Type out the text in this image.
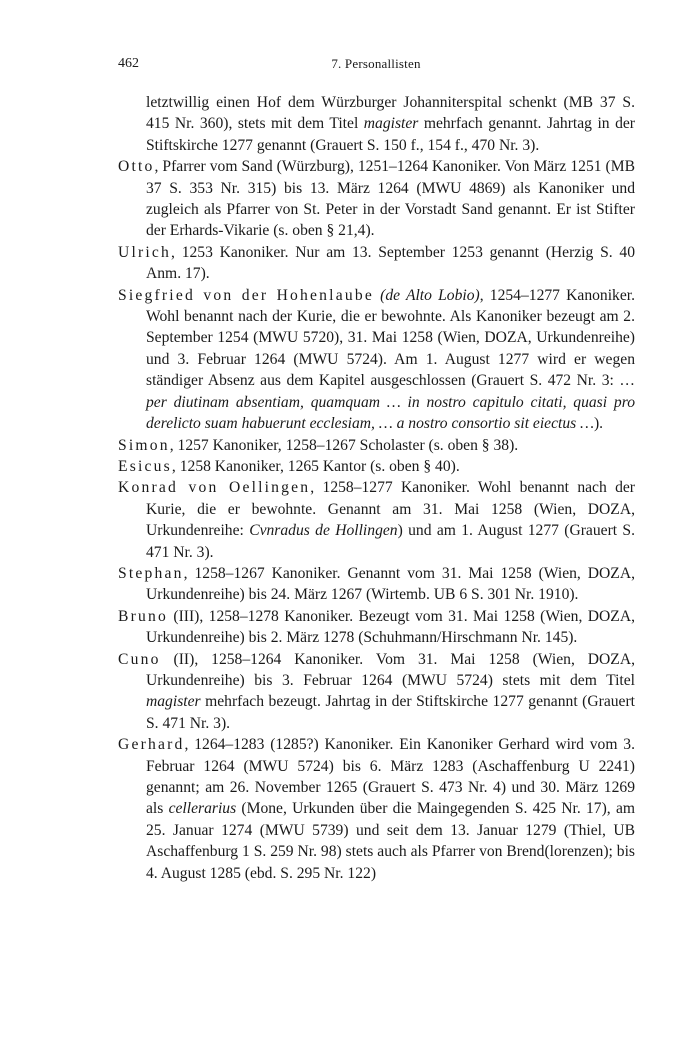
462	7. Personallisten

letztwillig einen Hof dem Würzburger Johanniterspital schenkt (MB 37 S. 415 Nr. 360), stets mit dem Titel magister mehrfach genannt. Jahrtag in der Stiftskirche 1277 genannt (Grauert S. 150 f., 154 f., 470 Nr. 3).

Otto, Pfarrer vom Sand (Würzburg), 1251–1264 Kanoniker. Von März 1251 (MB 37 S. 353 Nr. 315) bis 13. März 1264 (MWU 4869) als Kanoniker und zugleich als Pfarrer von St. Peter in der Vorstadt Sand genannt. Er ist Stifter der Erhards-Vikarie (s. oben § 21,4).

Ulrich, 1253 Kanoniker. Nur am 13. September 1253 genannt (Herzig S. 40 Anm. 17).

Siegfried von der Hohenlaube (de Alto Lobio), 1254–1277 Kanoniker. Wohl benannt nach der Kurie, die er bewohnte. Als Kanoniker bezeugt am 2. September 1254 (MWU 5720), 31. Mai 1258 (Wien, DOZA, Urkundenreihe) und 3. Februar 1264 (MWU 5724). Am 1. August 1277 wird er wegen ständiger Absenz aus dem Kapitel ausgeschlossen (Grauert S. 472 Nr. 3: … per diutinam absentiam, quamquam … in nostro capitulo citati, quasi pro derelicto suam habuerunt ecclesiam, … a nostro consortio sit eiectus …).

Simon, 1257 Kanoniker, 1258–1267 Scholaster (s. oben § 38).

Esicus, 1258 Kanoniker, 1265 Kantor (s. oben § 40).

Konrad von Oellingen, 1258–1277 Kanoniker. Wohl benannt nach der Kurie, die er bewohnte. Genannt am 31. Mai 1258 (Wien, DOZA, Urkundenreihe: Cvnradus de Hollingen) und am 1. August 1277 (Grauert S. 471 Nr. 3).

Stephan, 1258–1267 Kanoniker. Genannt vom 31. Mai 1258 (Wien, DOZA, Urkundenreihe) bis 24. März 1267 (Wirtemb. UB 6 S. 301 Nr. 1910).

Bruno (III), 1258–1278 Kanoniker. Bezeugt vom 31. Mai 1258 (Wien, DOZA, Urkundenreihe) bis 2. März 1278 (Schuhmann/Hirschmann Nr. 145).

Cuno (II), 1258–1264 Kanoniker. Vom 31. Mai 1258 (Wien, DOZA, Urkundenreihe) bis 3. Februar 1264 (MWU 5724) stets mit dem Titel magister mehrfach bezeugt. Jahrtag in der Stiftskirche 1277 genannt (Grauert S. 471 Nr. 3).

Gerhard, 1264–1283 (1285?) Kanoniker. Ein Kanoniker Gerhard wird vom 3. Februar 1264 (MWU 5724) bis 6. März 1283 (Aschaffenburg U 2241) genannt; am 26. November 1265 (Grauert S. 473 Nr. 4) und 30. März 1269 als cellerarius (Mone, Urkunden über die Maingegenden S. 425 Nr. 17), am 25. Januar 1274 (MWU 5739) und seit dem 13. Januar 1279 (Thiel, UB Aschaffenburg 1 S. 259 Nr. 98) stets auch als Pfarrer von Brend(lorenzen); bis 4. August 1285 (ebd. S. 295 Nr. 122)
